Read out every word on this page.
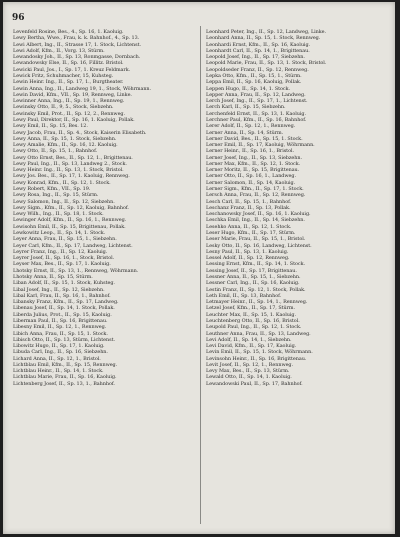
96
Levenfeld Rosine, Bes., 4., Sp. 16, 1. Kaoluig.
Lewy Bertha, Wwe., Frau, k. k. Bahnhof., 4., Sp. 13.
Lewi Albert, Ing., II., Strasse 17, 1. Stock, Lichtenst.
Lewi Adolf, Kfm., II., Vorg. 13, Stürm.
Lewandosky Joh., II., Sp. 13, Ronmgasse, Dornbach.
Lewandowsky Else, II., Sp. 16, Fillitz. Bristol.
Lewicki Paul, Jos., I., Sp. 17, 1. Kreuz Feldmark.
Lewick Fritz, Schuhmacher, 15, Kuhsteg.
Lewin Heinr. Ing., II., Sp. 17, 1., Burgtheater.
Lewin Anna, Ing., II., Landweg 19, 1., Stock, Wöhrmann.
Lewin David, Kfm., VII., Sp. 19, Rennweg, Linke.
Lewinner Anna, Ing., II., Sp. 19, 1., Rennweg.
Lewinsky Otto, II., 9, 5., Stock, Siebzehn.
Lewinsky Emil, Prot., II., Sp. 12, 2., Rennweg.
Lewy Paul, Direktor, II., Sp. 16, 1. Kaoluig, Pollak.
Lewy Emil, II., Sp. 15, Bes. 12.
Lewy Jacob, Frau, II., Sp. 4., Stock, Kaiserin Elisabeth.
Lewy Anna, II., Sp. 15, 1. Stock, Siebzehn.
Lewy Amalie, Kfm., II., Sp. 16, 12. Kaoluig.
Lewy Otto, II., Sp. 15, 1., Bahnhof.
Lewy Otto Ernst, Bes., II., Sp. 12, 1., Brigittenau.
Lewy Paul, Ing., II., Sp. 13, Landweg 2., Stock.
Lewy Heinr. Ing., II., Sp. 13, 1. Stock, Bristol.
Lewy Jos. Bes., II., Sp. 17, 1. Kaoluig, Rennweg.
Lewy Konrad, Kfm., II., Sp. 12, 1. Stock.
Lewy Robert, Kfm., VII., Sp. 19.
Lewy Rosa, Ing., II., Sp. 15, Stürm.
Lewy Salomon, Ing., II., Sp. 12, Siebzehn.
Lewy Sigm., Kfm., II., Sp. 12, Kaoluig, Bahnhof.
Lewy Wilh., Ing., II., Sp. 18, 1. Stock.
Lewinger Adolf, Kfm., II., Sp. 16, 1., Rennweg.
Lewisohn Emil, II., Sp. 15, Brigittenau, Pollak.
Lewkowitz Leop., II., Sp. 14, 1. Stock.
Leyer Anna, Frau, II., Sp. 15, 1., Siebzehn.
Leyer Carl, Kfm., II., Sp. 17, Landweg, Lichtenst.
Leyrer Franz, Ing., II., Sp. 12, Kaoluig.
Leyrer Josef, II., Sp. 16, 1., Stock, Bristol.
Leyser Max, Bes., II., Sp. 17, 1. Kaoluig.
Lhotsky Ernst, II., Sp. 13, 1., Rennweg, Wöhrmann.
Lhotsky Anna, II., Sp. 15, Stürm.
Liban Adolf, II., Sp. 15, 1. Stock, Kuhsteg.
Libal Josef, Ing., II., Sp. 12, Siebzehn.
Libal Karl, Frau, II., Sp. 16, 1., Bahnhof.
Libansky Franz, Kfm., II., Sp. 17, Landweg.
Libenau Josef, II., Sp. 14, 1. Stock, Pollak.
Liberda Julius, Prot., II., Sp. 15, Kaoluig.
Liberman Paul, II., Sp. 16, Brigittenau.
Libesny Emil, II., Sp. 12, 1., Rennweg.
Libich Anna, Frau, II., Sp. 15, 1. Stock.
Libisch Otto, II., Sp. 13, Stürm, Lichtenst.
Libowitz Hugo, II., Sp. 17, 1. Kaoluig.
Libuda Carl, Ing., II., Sp. 16, Siebzehn.
Lichard Anna, II., Sp. 12, 1., Bristol.
Lichtblau Emil, Kfm., II., Sp. 15, Rennweg.
Lichtblau Heinr., II., Sp. 14, 1. Stock.
Lichtblau Marie, Frau, II., Sp. 16, Kaoluig.
Lichtenberg Josef, II., Sp. 13, 1., Bahnhof.
Leonhard Peter, Ing., II., Sp. 12, Landweg, Linke.
Leonhard Anna, II., Sp. 15, 1. Stock, Rennweg.
Leonhardi Ernst, Kfm., II., Sp. 16, Kaoluig.
Leonhardt Carl, II., Sp. 14, 1., Brigittenau.
Leopold Josef, Ing., II., Sp. 17, Siebzehn.
Leopold Marie, Frau, II., Sp. 13, 1. Stock, Bristol.
Leopoldseder Franz, II., Sp. 12, Rennweg.
Lepka Otto, Kfm., II., Sp. 15, 1., Stürm.
Leppa Emil, II., Sp. 16, Kaoluig, Pollak.
Leppen Hugo, II., Sp. 14, 1. Stock.
Lepper Anna, Frau, II., Sp. 12, Landweg.
Lerch Josef, Ing., II., Sp. 17, 1., Lichtenst.
Lerch Karl, II., Sp. 15, Siebzehn.
Lerchenfeld Ernst, II., Sp. 13, 1. Kaoluig.
Lerchner Paul, Kfm., II., Sp. 16, Bahnhof.
Lerer Adolf, II., Sp. 12, 1., Rennweg.
Lerner Anna, II., Sp. 14, Stürm.
Lerner David, Bes., II., Sp. 15, 1. Stock.
Lerner Emil, II., Sp. 17, Kaoluig, Wöhrmann.
Lerner Heinr., II., Sp. 16, 1., Bristol.
Lerner Josef, Ing., II., Sp. 13, Siebzehn.
Lerner Max, Kfm., II., Sp. 12, 1. Stock.
Lerner Moritz, II., Sp. 15, Brigittenau.
Lerner Otto, II., Sp. 16, 1., Landweg.
Lerner Salomon, II., Sp. 14, Kaoluig.
Lerner Sigm., Kfm., II., Sp. 17, 1. Stock.
Lersch Anna, Frau, II., Sp. 12, Rennweg.
Lesch Carl, II., Sp. 15, 1., Bahnhof.
Leschanz Franz, II., Sp. 13, Pollak.
Leschanowsky Josef, II., Sp. 16, 1. Kaoluig.
Leschka Emil, Ing., II., Sp. 14, Siebzehn.
Lesehko Anna, II., Sp. 12, 1. Stock.
Leser Hugo, Kfm., II., Sp. 17, Stürm.
Leser Marie, Frau, II., Sp. 15, 1., Bristol.
Lesky Otto, II., Sp. 16, Landweg, Lichtenst.
Lesny Paul, II., Sp. 13, 1. Kaoluig.
Lessel Adolf, II., Sp. 12, Rennweg.
Lessing Ernst, Kfm., II., Sp. 14, 1. Stock.
Lessing Josef, II., Sp. 17, Brigittenau.
Lessner Anna, II., Sp. 15, 1., Siebzehn.
Lessner Carl, Ing., II., Sp. 16, Kaoluig.
Lestin Franz, II., Sp. 12, 1. Stock, Pollak.
Leth Emil, II., Sp. 13, Bahnhof.
Letmayer Heinr., II., Sp. 14, 1., Rennweg.
Letzel Josef, Kfm., II., Sp. 17, Stürm.
Leuchter Max, II., Sp. 15, 1. Kaoluig.
Leuchtenberg Otto, II., Sp. 16, Bristol.
Leupold Paul, Ing., II., Sp. 12, 1. Stock.
Leuthner Anna, Frau, II., Sp. 13, Landweg.
Levi Adolf, II., Sp. 14, 1., Siebzehn.
Levi David, Kfm., II., Sp. 17, Kaoluig.
Levin Emil, II., Sp. 15, 1. Stock, Wöhrmann.
Levinsohn Heinr., II., Sp. 16, Brigittenau.
Levit Josef, II., Sp. 12, 1., Rennweg.
Levy Max, Bes., II., Sp. 13, Stürm.
Lewald Otto, II., Sp. 14, 1. Kaoluig.
Lewandowski Paul, II., Sp. 17, Bahnhof.
